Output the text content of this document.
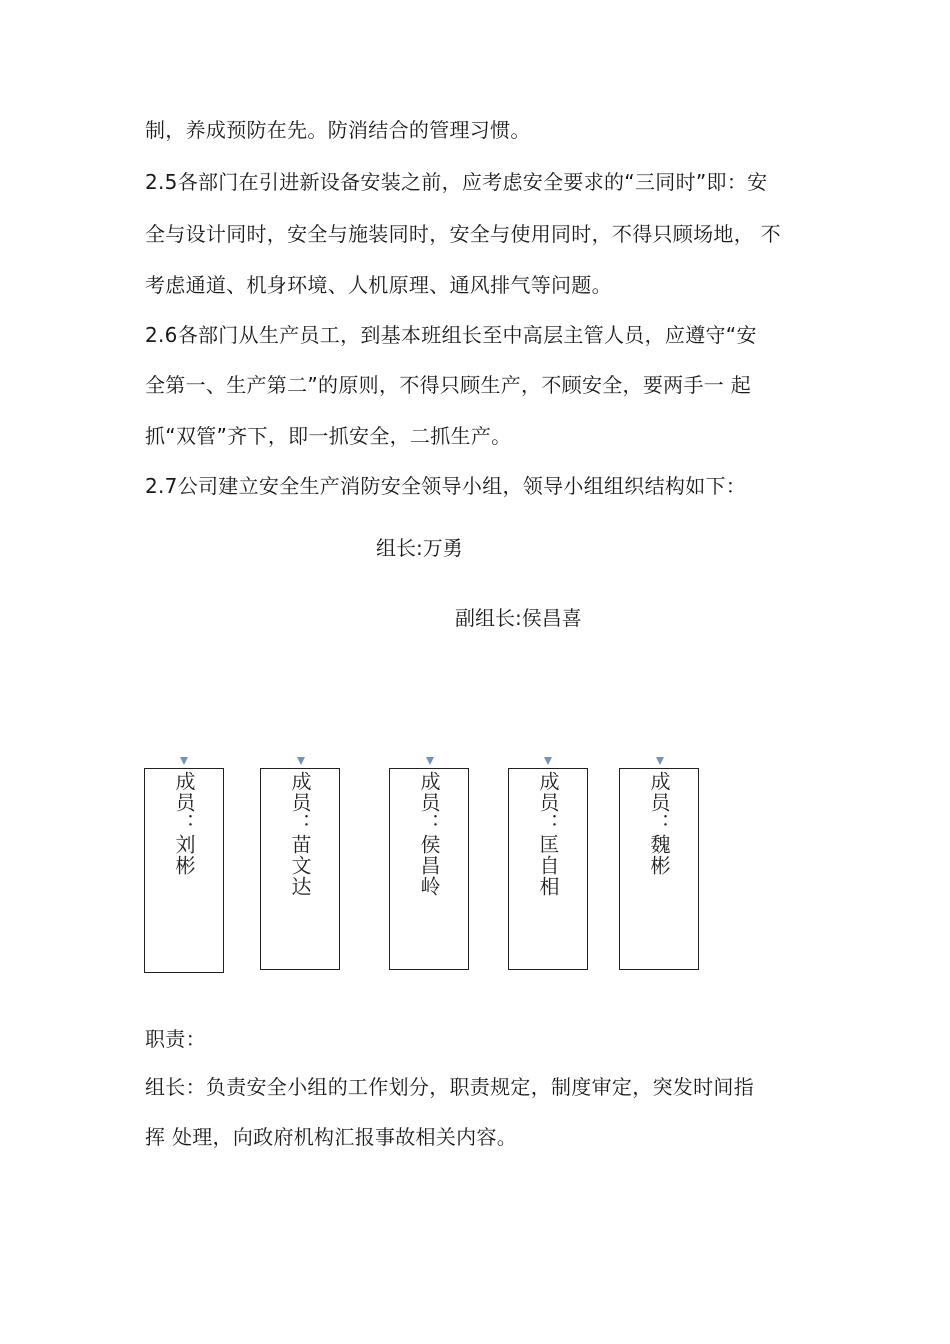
制，养成预防在先。防消结合的管理习惯。
2.5各部门在引进新设备安装之前，应考虑安全要求的“三同时”即：安
全与设计同时，安全与施装同时，安全与使用同时，不得只顾场地， 不
考虑通道、机身环境、人机原理、通风排气等问题。
2.6各部门从生产员工，到基本班组长至中高层主管人员，应遵守“安
全第一、生产第二”的原则，不得只顾生产，不顾安全，要两手一 起
抓“双管”齐下，即一抓安全，二抓生产。
2.7公司建立安全生产消防安全领导小组，领导小组组织结构如下：
组长:万勇
副组长:侯昌喜
成员：刘彬	成员：苗文达	成员：侯昌岭	成员：匡自相	成员：魏彬
职责：
组长：负责安全小组的工作划分，职责规定，制度审定，突发时间指
挥 处理，向政府机构汇报事故相关内容。
